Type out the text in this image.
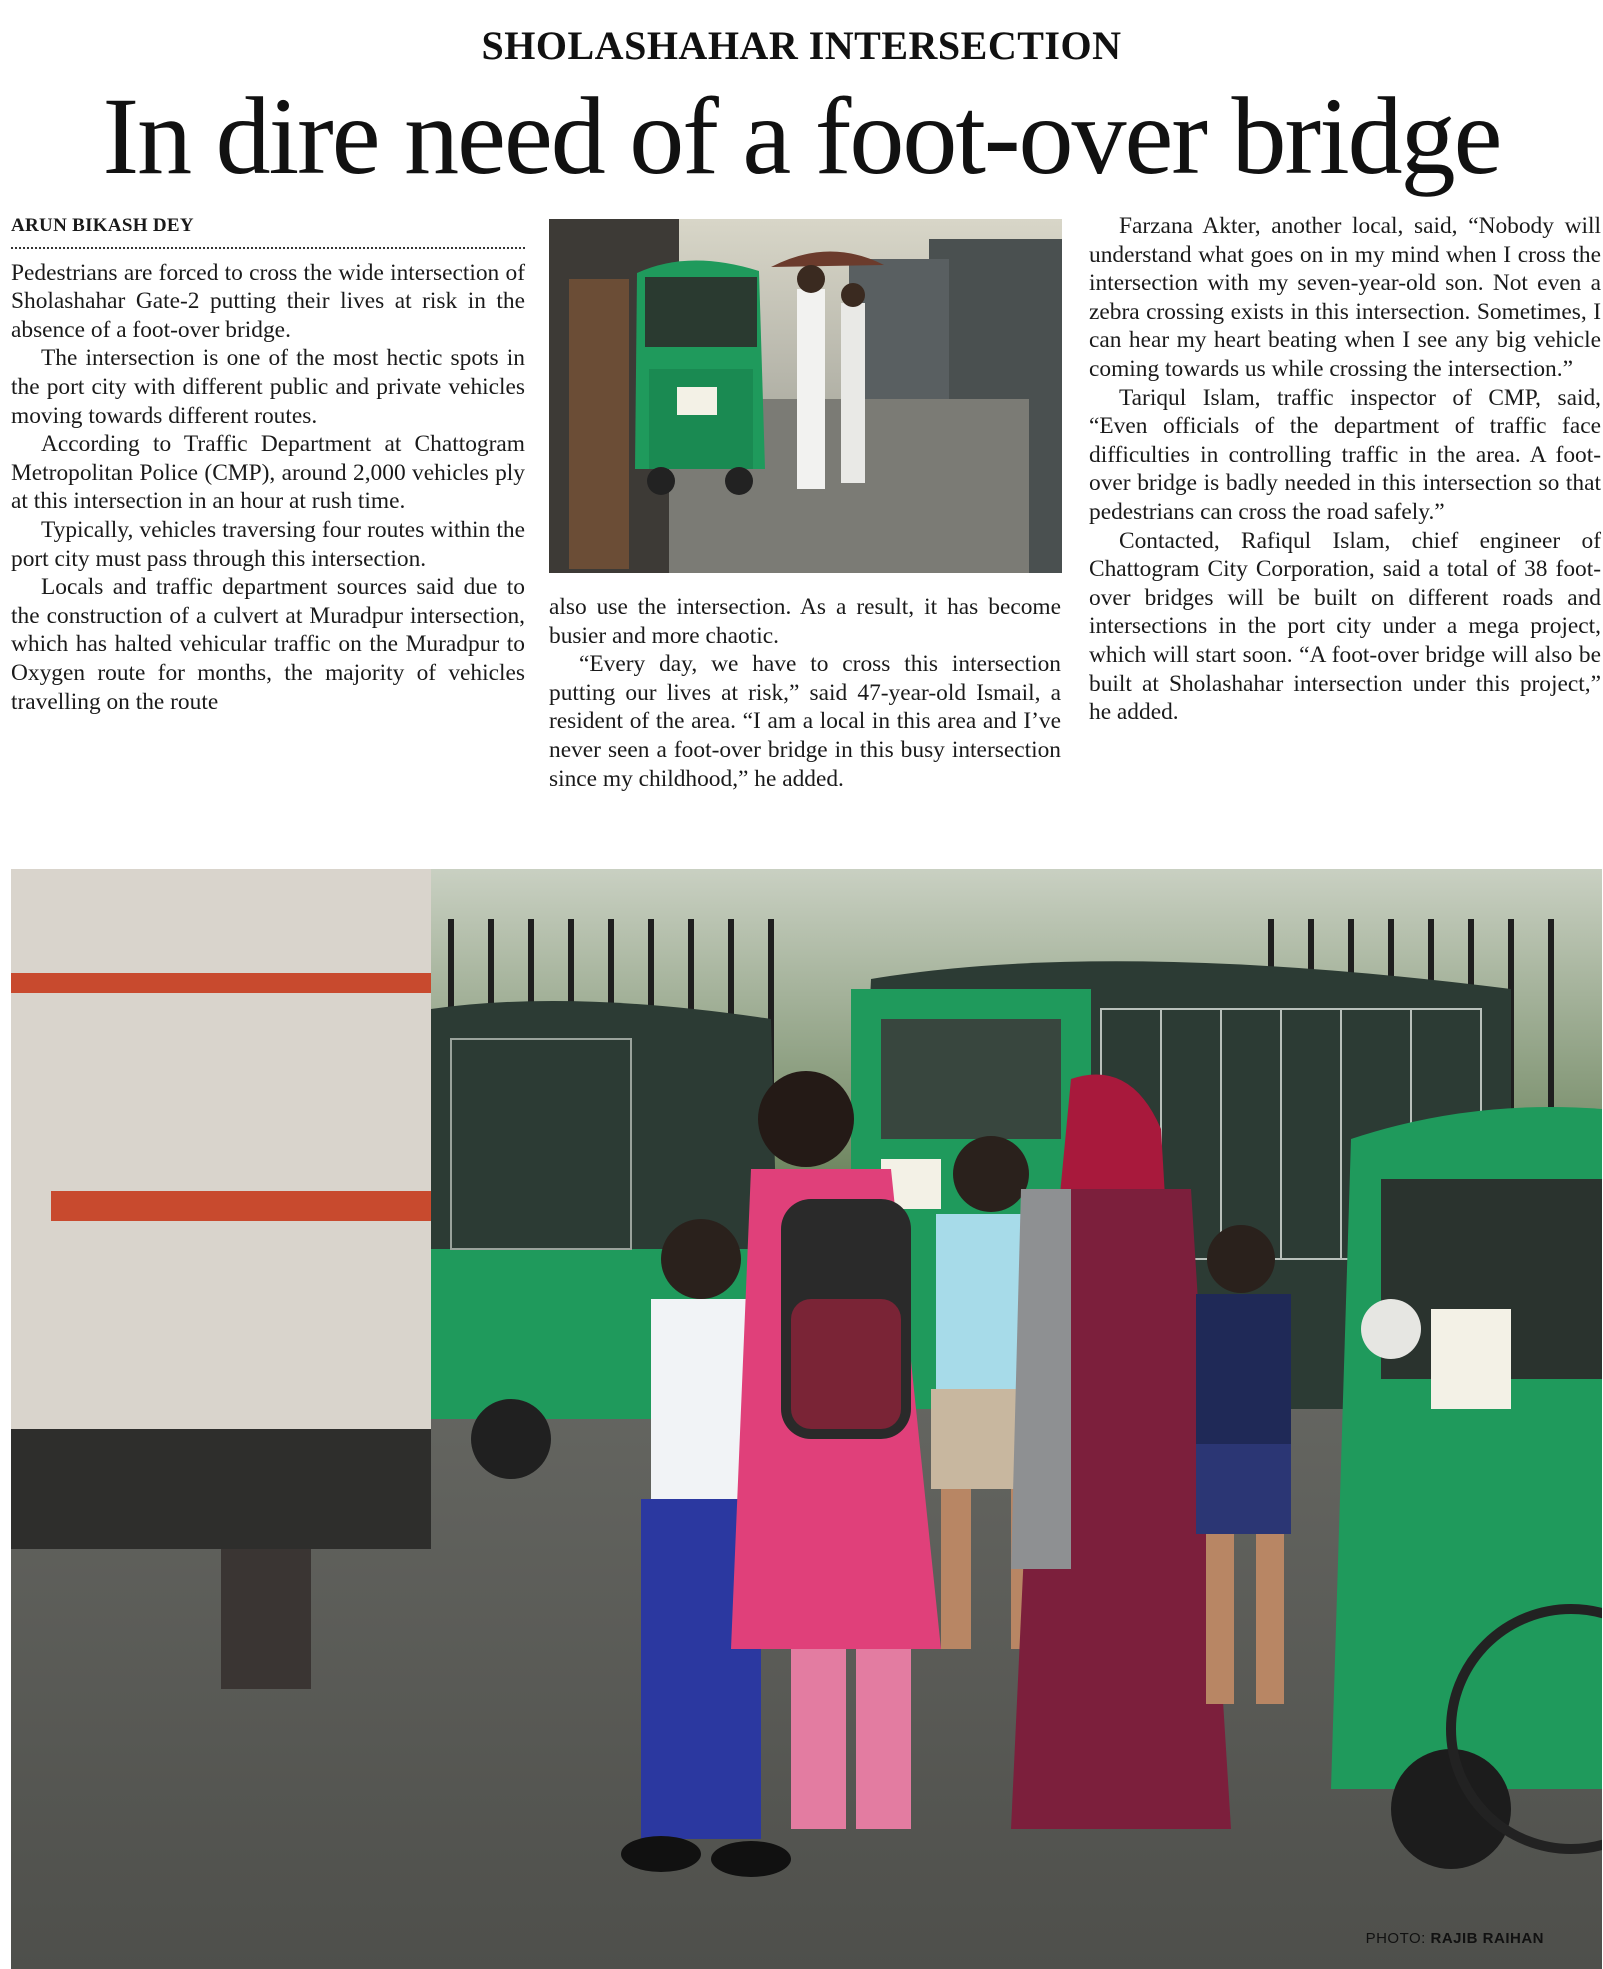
SHOLASHAHAR INTERSECTION
In dire need of a foot-over bridge
ARUN BIKASH DEY

Pedestrians are forced to cross the wide intersection of Sholashahar Gate-2 putting their lives at risk in the absence of a foot-over bridge.

The intersection is one of the most hectic spots in the port city with different public and private vehicles moving towards different routes.

According to Traffic Department at Chattogram Metropolitan Police (CMP), around 2,000 vehicles ply at this intersection in an hour at rush time.

Typically, vehicles traversing four routes within the port city must pass through this intersection.

Locals and traffic department sources said due to the construction of a culvert at Muradpur intersection, which has halted vehicular traffic on the Muradpur to Oxygen route for months, the majority of vehicles travelling on the route

also use the intersection. As a result, it has become busier and more chaotic.

“Every day, we have to cross this intersection putting our lives at risk,” said 47-year-old Ismail, a resident of the area. “I am a local in this area and I’ve never seen a foot-over bridge in this busy intersection since my childhood,” he added.

Farzana Akter, another local, said, “Nobody will understand what goes on in my mind when I cross the intersection with my seven-year-old son. Not even a zebra crossing exists in this intersection. Sometimes, I can hear my heart beating when I see any big vehicle coming towards us while crossing the intersection.”

Tariqul Islam, traffic inspector of CMP, said, “Even officials of the department of traffic face difficulties in controlling traffic in the area. A foot-over bridge is badly needed in this intersection so that pedestrians can cross the road safely.”

Contacted, Rafiqul Islam, chief engineer of Chattogram City Corporation, said a total of 38 foot-over bridges will be built on different roads and intersections in the port city under a mega project, which will start soon. “A foot-over bridge will also be built at Sholashahar intersection under this project,” he added.

PHOTO: RAJIB RAIHAN
